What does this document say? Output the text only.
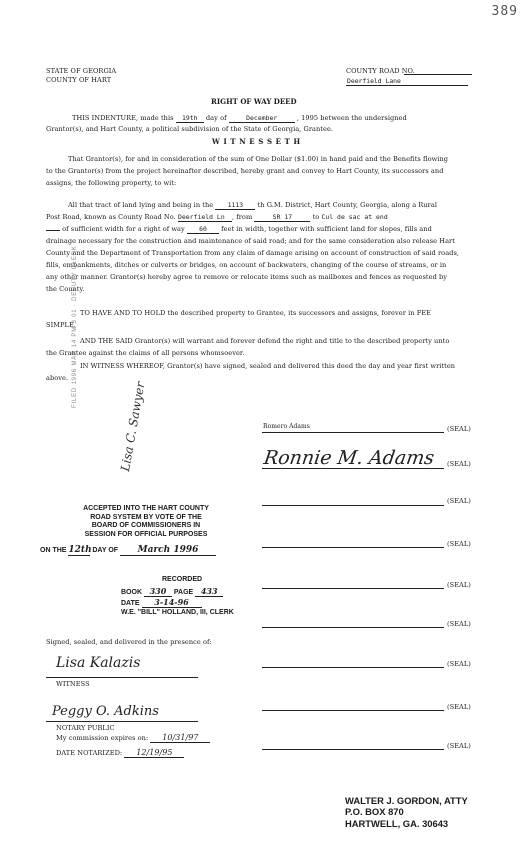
389
STATE OF GEORGIA
COUNTY OF HART
COUNTY ROAD NO.
Deerfield Lane
RIGHT OF WAY DEED
THIS INDENTURE, made this 19th day of	December	, 1995 between the undersigned
Grantor(s), and Hart County, a political subdivision of the State of Georgia, Grantee.
W I T N E S S E T H
That Grantor(s), for and in consideration of the sum of One Dollar ($1.00) in hand paid and the Benefits flowing
to the Grantor(s) from the project hereinafter described, hereby grant and convey to Hart County, its successors and
assigns, the following property, to wit:
All that tract of land lying and being in the 1113 th G.M. District, Hart County, Georgia, along a Rural
Post Road, known as County Road No. Deerfield Ln , from	SR 17	to Cul de sac at end
of sufficient width for a right of way 60 feet in width, together with sufficient land for slopes, fills and
drainage necessary for the construction and maintenance of said road; and for the same consideration also release Hart
County and the Department of Transportation from any claim of damage arising on account of construction of said roads,
fills, embankments, ditches or culverts or bridges, on account of backwaters, changing of the course of streams, or in
any other manner. Grantor(s) hereby agree to remove or relocate items such as mailboxes and fences as requested by
the County.
TO HAVE AND TO HOLD the described property to Grantee, its successors and assigns, forever in FEE
SIMPLE.
AND THE SAID Grantor(s) will warrant and forever defend the right and title to the described property unto
the Grantee against the claims of all persons whomsoever.
IN WITNESS WHEREOF, Grantor(s) have signed, sealed and delivered this deed the day and year first written
above. FILED 1996 MAR 14 PM 3 01 · DEPUTY CLERK
Lisa C. Sawyer	Romero Adams	(SEAL)
Ronnie M. Adams (SEAL)
(SEAL)
(SEAL)
(SEAL)
(SEAL)
(SEAL)
(SEAL)
(SEAL)
ACCEPTED INTO THE HART COUNTY
ROAD SYSTEM BY VOTE OF THE
BOARD OF COMMISSIONERS IN
SESSION FOR OFFICIAL PURPOSES
ON THE 12th DAY OF March 1996
RECORDED
BOOK 330 PAGE 433
DATE 3-14-96
W.E. "BILL" HOLLAND, III, CLERK
Signed, sealed, and delivered in the presence of:
Lisa Kalazis
WITNESS
Peggy O. Adkins
NOTARY PUBLIC
My commission expires on: 10/31/97
DATE NOTARIZED: 12/19/95
WALTER J. GORDON, ATTY
P.O. BOX 870
HARTWELL, GA. 30643
